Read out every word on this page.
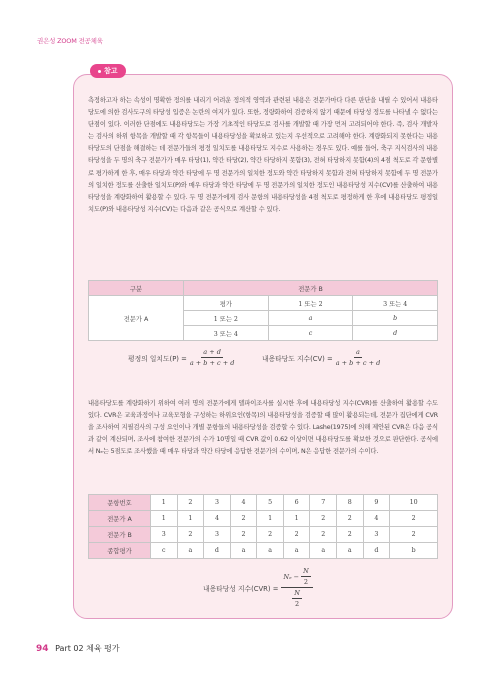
권은성 ZOOM 전공체육
참고
측정하고자 하는 속성이 명확한 정의를 내리기 어려운 정의적 영역과 관련된 내용은 전문가마다 다른 판단을 내릴 수 있어서 내용타당도에 의한 검사도구의 타당성 입증은 논란의 여지가 있다. 또한, 정량화하여 검증하지 않기 때문에 타당성 정도를 나타낼 수 없다는 단점이 있다. 이러한 단점에도 내용타당도는 가장 기초적인 타당도로 검사를 개발할 때 가장 먼저 고려되어야 한다. 즉, 검사 개발자는 검사의 하위 항목을 개발할 때 각 항목들이 내용타당성을 확보하고 있는지 우선적으로 고려해야 한다. 계량화되지 못한다는 내용타당도의 단점을 해결하는 데 전문가들의 평정 일치도를 내용타당도 지수로 사용하는 경우도 있다. 예를 들어, 축구 지식검사의 내용타당성을 두 명의 축구 전문가가 매우 타당(1), 약간 타당(2), 약간 타당하지 못함(3), 전혀 타당하지 못함(4)의 4점 척도로 각 문항별로 평가하게 한 후, 매우 타당과 약간 타당에 두 명 전문가의 일치한 정도와 약간 타당하지 못함과 전혀 타당하지 못함에 두 명 전문가의 일치한 정도를 산출한 일치도(P)와 매우 타당과 약간 타당에 두 명 전문가의 일치한 정도인 내용타당성 지수(CV)를 산출하여 내용타당성을 계량화하여 활용할 수 있다. 두 명 전문가에게 검사 문항의 내용타당성을 4점 척도로 평정하게 한 후에 내용타당도 평정일치도(P)와 내용타당성 지수(CV)는 다음과 같은 공식으로 계산할 수 있다.
구분	전문가 B		
전문가 A	평가	1 또는 2	3 또는 4
	1 또는 2	a	b
	3 또는 4	c	d
평정의 일치도$(P) = \frac{a + d}{a + b + c + d}$	내용타당도 지수$(CV) = \frac{a}{a + b + c + d}$
내용타당도를 계량화하기 위하여 여러 명의 전문가에게 델파이조사를 실시한 후에 내용타당성 지수(CVR)를 산출하여 활용할 수도 있다. CVR은 교육과정이나 교육모형을 구성하는 하위요인(항목)의 내용타당성을 검증할 때 많이 활용되는데, 전문가 집단에게 CVR을 조사하여 지필검사의 구성 요인이나 개별 문항들의 내용타당성을 검증할 수 있다. Lashe(1975)에 의해 제안된 CVR은 다음 공식과 같이 계산되며, 조사에 참여한 전문가의 수가 10명일 때 CVR 값이 0.62 이상이면 내용타당도를 확보한 것으로 판단한다. 공식에서 Nₑ는 5점도로 조사했을 때 매우 타당과 약간 타당에 응답한 전문가의 수이며, N은 응답한 전문가의 수이다.
문항번호	1	2	3	4	5	6	7	8	9	10
전문가 A	1	1	4	2	1	1	2	2	4	2
전문가 B	3	2	3	2	2	2	2	2	3	2
종합평가	c	a	d	a	a	a	a	a	d	b
내용타당성 지수$(CVR) = \frac{N_e - \frac{N}{2}}{\frac{N}{2}}$
94 Part 02 체육 평가
